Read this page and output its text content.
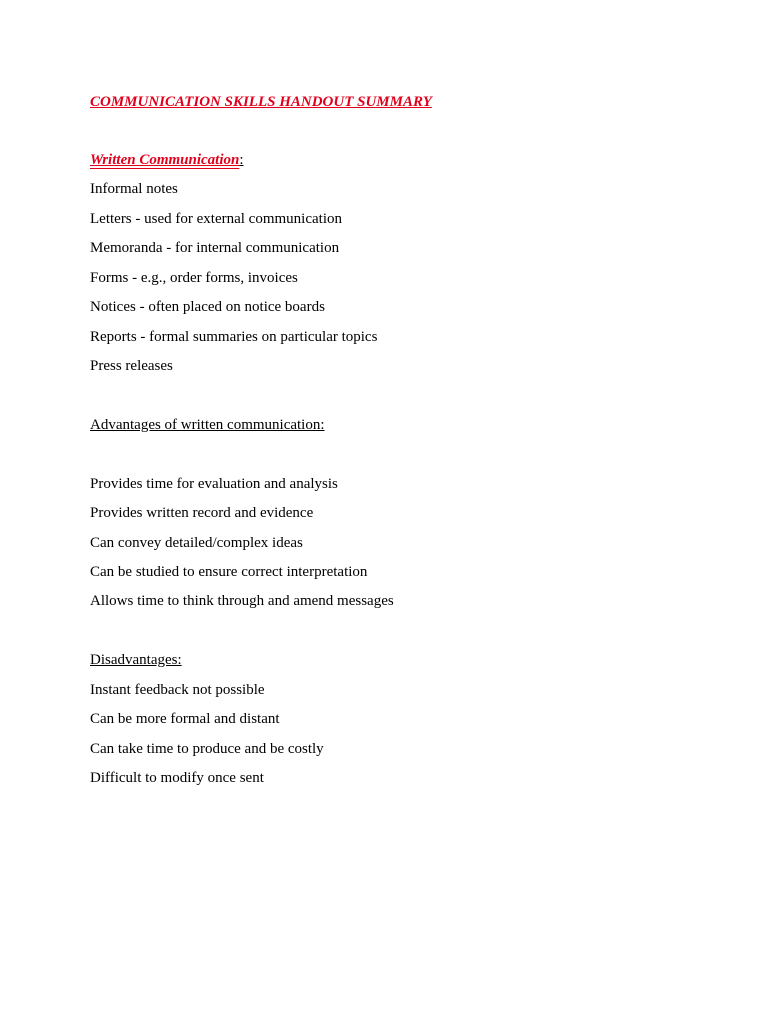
COMMUNICATION SKILLS HANDOUT SUMMARY
Written Communication:
Informal notes
Letters - used for external communication
Memoranda - for internal communication
Forms - e.g., order forms, invoices
Notices - often placed on notice boards
Reports - formal summaries on particular topics
Press releases
Advantages of written communication:
Provides time for evaluation and analysis
Provides written record and evidence
Can convey detailed/complex ideas
Can be studied to ensure correct interpretation
Allows time to think through and amend messages
Disadvantages:
Instant feedback not possible
Can be more formal and distant
Can take time to produce and be costly
Difficult to modify once sent
